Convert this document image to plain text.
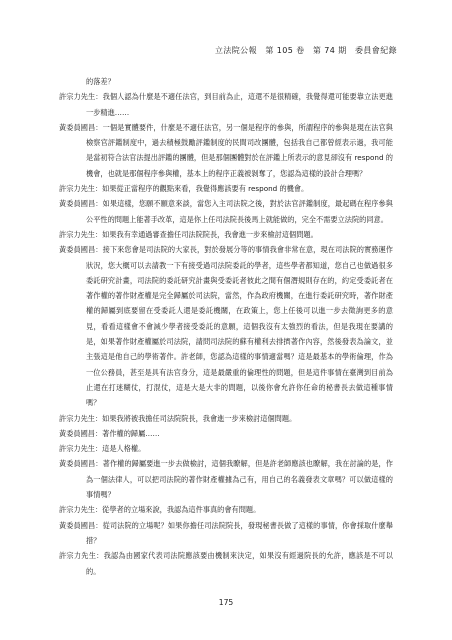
立法院公報　第 105 卷　第 74 期　委員會紀錄

的落差？

許宗力先生：我個人認為什麼是不適任法官，到目前為止，這還不是很精確，我覺得還可能要靠立法更進一步精進……

黃委員國昌：一個是實體要件，什麼是不適任法官，另一個是程序的參與，所謂程序的參與是現在法官與檢察官評鑑制度中，過去積極鼓勵評鑑制度的民間司改團體，包括我自己都曾經表示過，我可能是當初符合法官法提出評鑑的團體，但是那個團體對於在評鑑上所表示的意見卻沒有 respond 的機會，也就是那個程序參與權，基本上的程序正義被剝奪了，您認為這樣的設計合理嗎？

許宗力先生：如果從正當程序的觀點來看，我覺得應該要有 respond 的機會。

黃委員國昌：如果這樣，您願不願意來談，當您入主司法院之後，對於法官評鑑制度，最起碼在程序參與公平性的問題上能著手改革，這是你上任司法院長後馬上就能做的，完全不需要立法院的同意。

許宗力先生：如果我有幸通過審查擔任司法院院長，我會進一步來檢討這個問題。

黃委員國昌：接下來您會是司法院的大家長，對於發展分等的事情我會非常在意，現在司法院的實務運作狀況，您大概可以去請教一下有接受過司法院委託的學者，這些學者都知道，您自己也做過很多委託研究計畫，司法院的委託研究計畫與受委託者彼此之間有個潛規則存在的，約定受委託者在著作權的著作財產權是完全歸屬於司法院，當然，作為政府機關，在進行委託研究時，著作財產權的歸屬到底要留在受委託人還是委託機關，在政策上，您上任後可以進一步去徵詢更多的意見，看看這樣會不會減少學者接受委託的意願，這個我沒有太強烈的看法，但是我現在要講的是，如果著作財產權屬於司法院，請問司法院的蘇有權利去排擠著作內容，然後發表為論文，並主張這是他自己的學術著作。許老師，您認為這樣的事情適當嗎？這是最基本的學術倫理，作為一位公務員，甚至是具有法官身分，這是最嚴重的倫理性的問題，但是這件事情在臺灣到目前為止還在打迷糊仗，打混仗，這是大是大非的問題，以後你會允許你任命的秘書長去做這種事情嗎？

許宗力先生：如果我將被我擔任司法院院長，我會進一步來檢討這個問題。

黃委員國昌：著作權的歸屬……

許宗力先生：這是人格權。

黃委員國昌：著作權的歸屬要進一步去做檢討，這個我瞭解，但是許老師應該也瞭解，我在討論的是，作為一個法律人，可以把司法院的著作財產權據為己有，用自己的名義發表文章嗎？可以做這樣的事情嗎？

許宗力先生：從學者的立場來說，我認為這件事真的會有問題。

黃委員國昌：從司法院的立場呢？如果你擔任司法院院長，發現秘書長做了這樣的事情，你會採取什麼舉措？

許宗力先生：我認為由國家代表司法院應該要由機制來決定，如果沒有經過院長的允許，應該是不可以的。

175
